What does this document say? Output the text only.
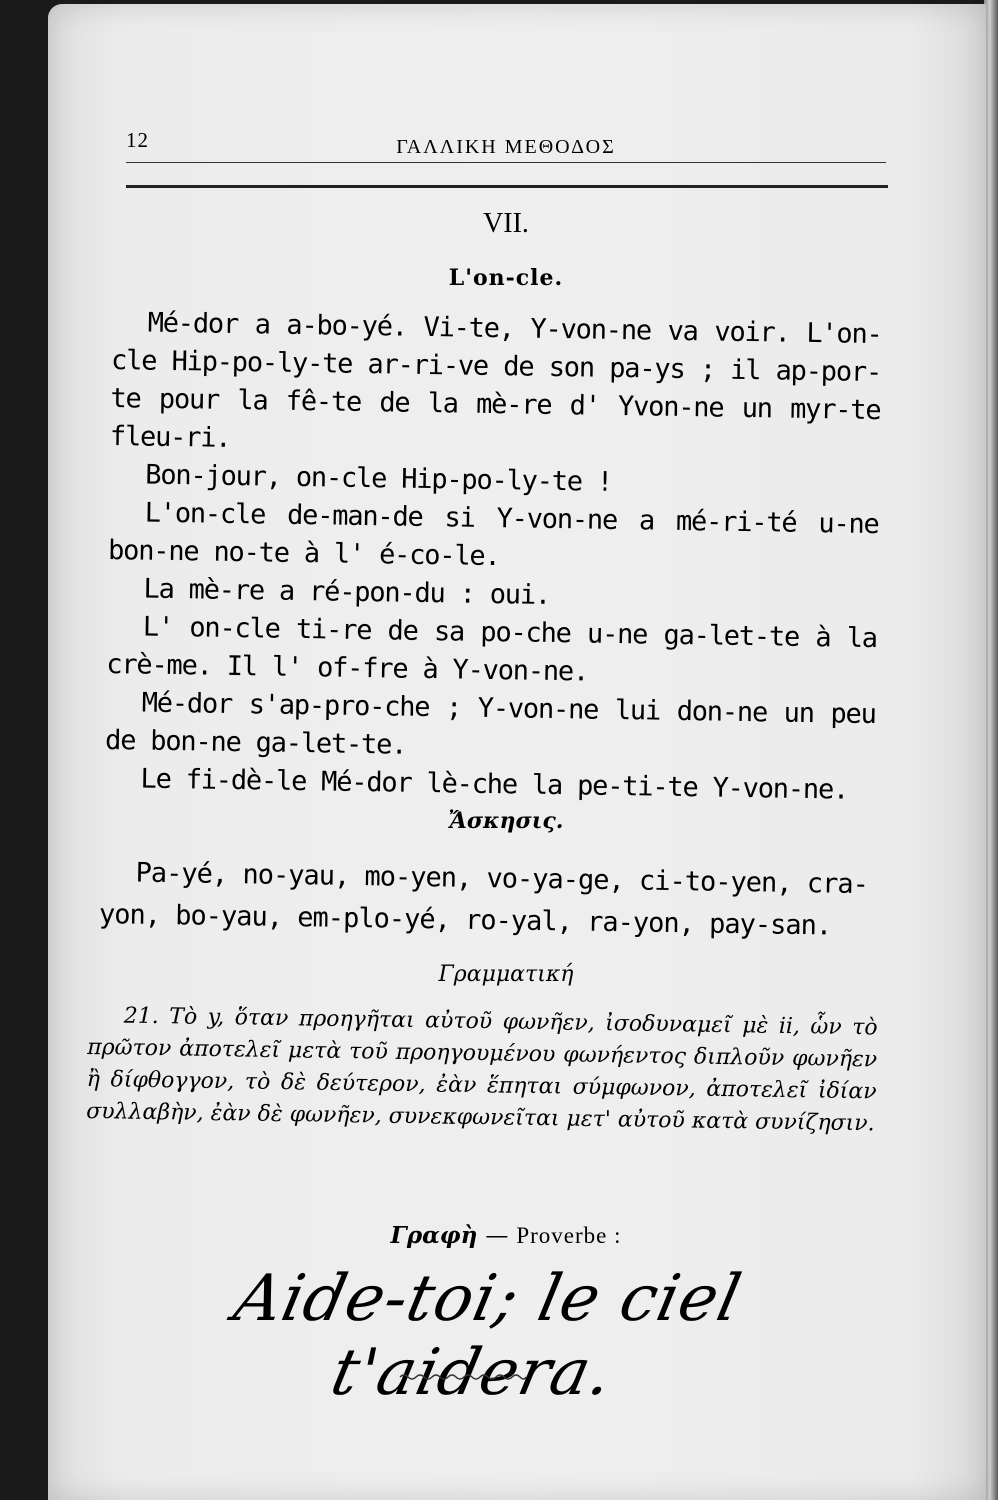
12	ΓΑΛΛΙΚΗ ΜΕΘΟΔΟΣ
VII.
L'on-cle.

Mé-dor a a-bo-yé. Vi-te, Y-von-ne va voir. L'on-cle Hip-po-ly-te ar-ri-ve de son pa-ys ; il ap-por-te pour la fê-te de la mè-re d' Yvon-ne un myr-te fleu-ri.

Bon-jour, on-cle Hip-po-ly-te !

L'on-cle de-man-de si Y-von-ne a mé-ri-té u-ne bon-ne no-te à l' é-co-le.

La mè-re a ré-pon-du : oui.

L' on-cle ti-re de sa po-che u-ne ga-let-te à la crè-me. Il l' of-fre à Y-von-ne.

Mé-dor s'ap-pro-che ; Y-von-ne lui don-ne un peu de bon-ne ga-let-te.

Le fi-dè-le Mé-dor lè-che la pe-ti-te Y-von-ne.

Ἄσκησις.

Pa-yé, no-yau, mo-yen, vo-ya-ge, ci-to-yen, cra-yon, bo-yau, em-plo-yé, ro-yal, ra-yon, pay-san.

Γραμματική

21. Τὸ y, ὅταν προηγῆται αὐτοῦ φωνῆεν, ἰσοδυναμεῖ μὲ ii, ὧν τὸ πρῶτον ἀποτελεῖ μετὰ τοῦ προηγουμένου φωνήεντος διπλοῦν φωνῆεν ἢ δίφθογγον, τὸ δὲ δεύτερον, ἐὰν ἕπηται σύμφωνον, ἀποτελεῖ ἰδίαν συλλαβὴν, ἐὰν δὲ φωνῆεν, συνεκφωνεῖται μετ' αὐτοῦ κατὰ συνίζησιν.

Γραφὴ — Proverbe :
Aide-toi; le ciel t'aidera.
